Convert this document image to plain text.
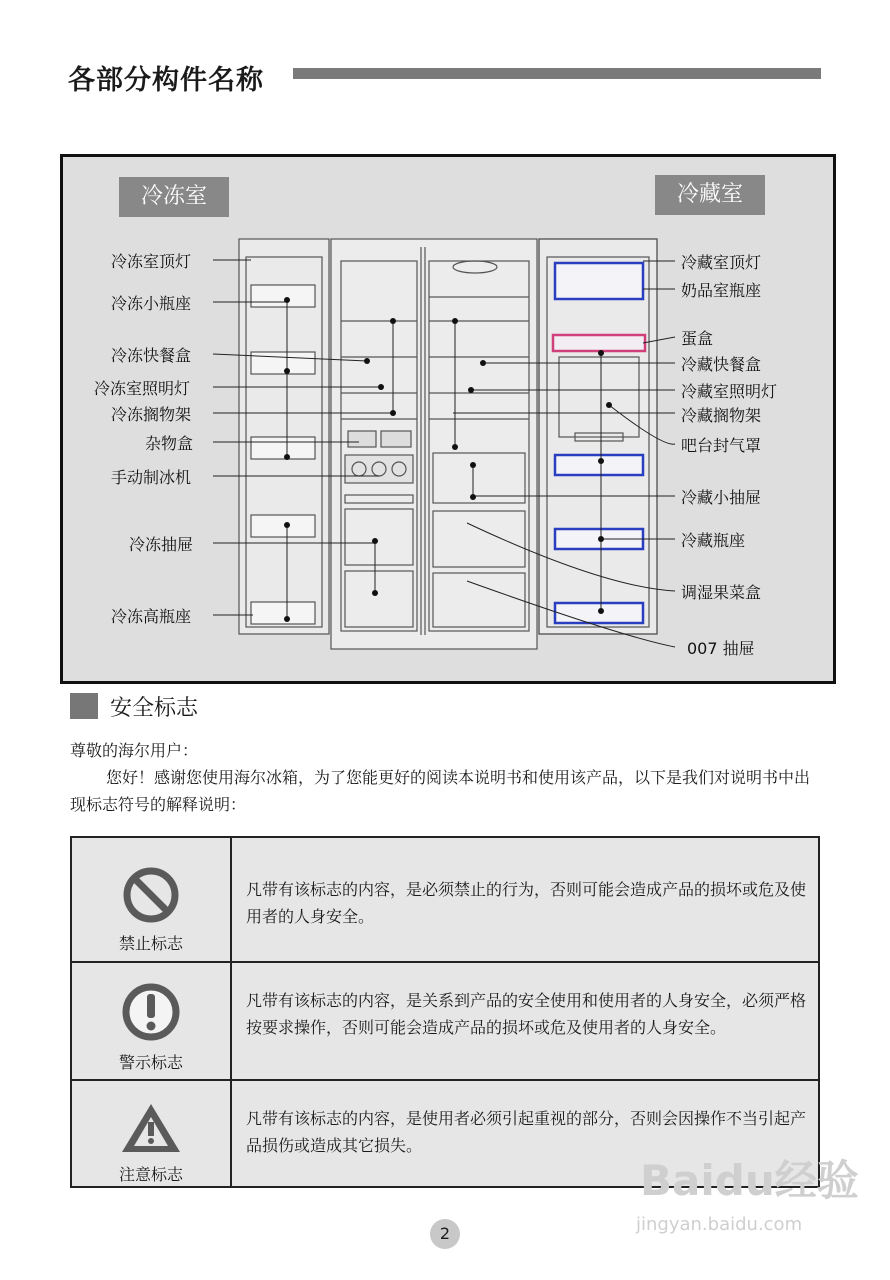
各部分构件名称
冷冻室	冷藏室
冷冻室顶灯
冷冻小瓶座
冷冻快餐盒
冷冻室照明灯
冷冻搁物架
杂物盒
手动制冰机
冷冻抽屉
冷冻高瓶座
冷藏室顶灯
奶品室瓶座
蛋盒
冷藏快餐盒
冷藏室照明灯
冷藏搁物架
吧台封气罩
冷藏小抽屉
冷藏瓶座
调湿果菜盒
007 抽屉
安全标志
尊敬的海尔用户：
您好！感谢您使用海尔冰箱，为了您能更好的阅读本说明书和使用该产品，以下是我们对说明书中出现标志符号的解释说明：
禁止标志	凡带有该标志的内容，是必须禁止的行为，否则可能会造成产品的损坏或危及使用者的人身安全。

警示标志	凡带有该标志的内容，是关系到产品的安全使用和使用者的人身安全，必须严格按要求操作，否则可能会造成产品的损坏或危及使用者的人身安全。

注意标志	凡带有该标志的内容，是使用者必须引起重视的部分，否则会因操作不当引起产品损伤或造成其它损失。
Baidu经验
jingyan.baidu.com
2
